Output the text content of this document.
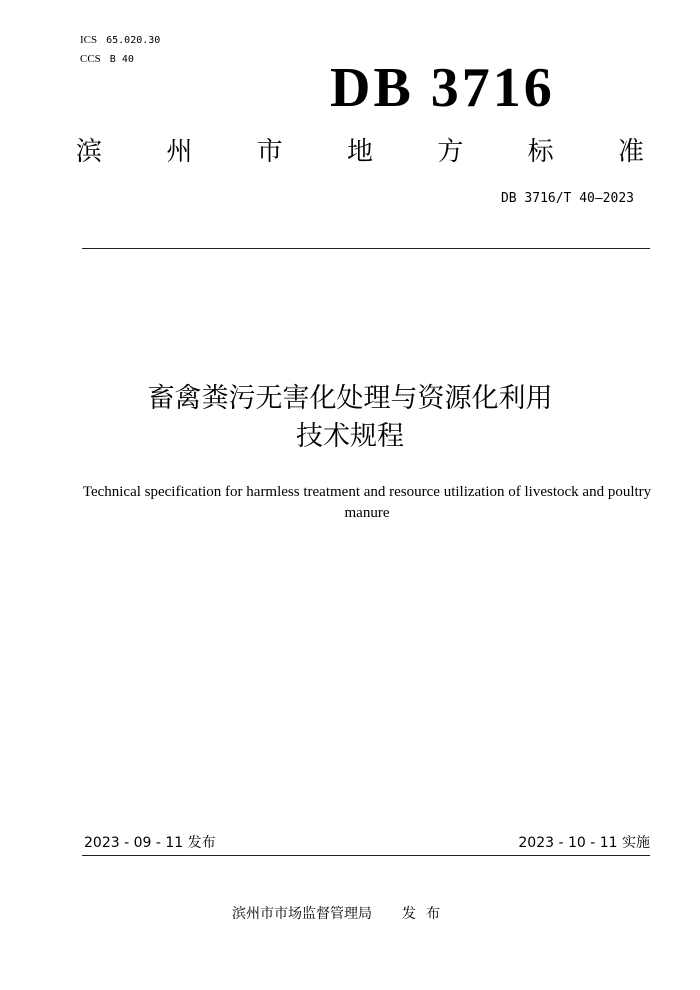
ICS 65.020.30
CCS B 40	DB 3716
滨 州 市 地 方 标 准
DB 3716/T 40—2023
畜禽粪污无害化处理与资源化利用
技术规程
Technical specification for harmless treatment and resource utilization of livestock and poultry manure
2023 - 09 - 11 发布	2023 - 10 - 11 实施
滨州市市场监督管理局 发布
